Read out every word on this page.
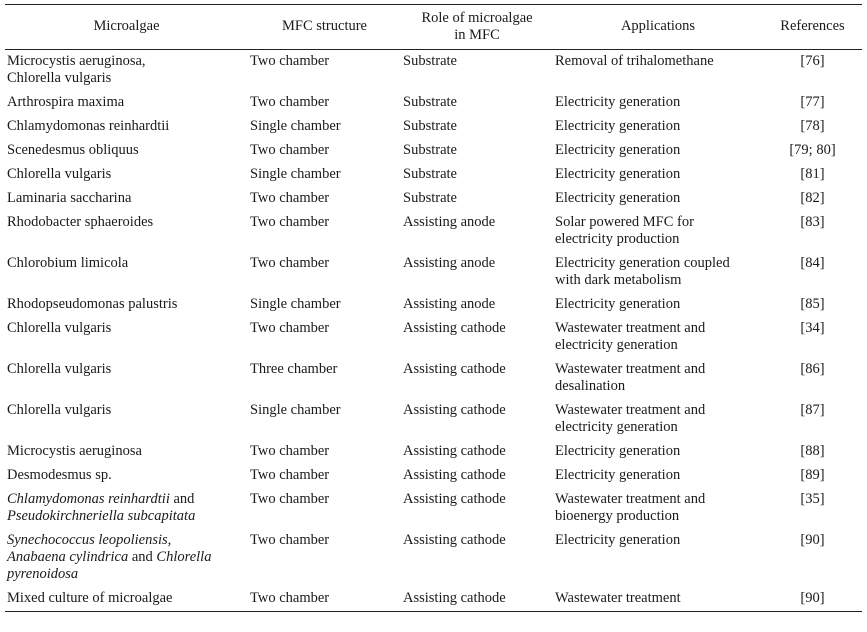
Microalgae	MFC structure	Role of microalgae
in MFC	Applications	References

Microcystis aeruginosa,
Chlorella vulgaris	Two chamber	Substrate	Removal of trihalomethane	[76]

Arthrospira maxima	Two chamber	Substrate	Electricity generation	[77]

Chlamydomonas reinhardtii	Single chamber	Substrate	Electricity generation	[78]

Scenedesmus obliquus	Two chamber	Substrate	Electricity generation	[79; 80]

Chlorella vulgaris	Single chamber	Substrate	Electricity generation	[81]

Laminaria saccharina	Two chamber	Substrate	Electricity generation	[82]

Rhodobacter sphaeroides	Two chamber	Assisting anode	Solar powered MFC for
electricity production	[83]

Chlorobium limicola	Two chamber	Assisting anode	Electricity generation coupled
with dark metabolism	[84]

Rhodopseudomonas palustris	Single chamber	Assisting anode	Electricity generation	[85]

Chlorella vulgaris	Two chamber	Assisting cathode	Wastewater treatment and
electricity generation	[34]

Chlorella vulgaris	Three chamber	Assisting cathode	Wastewater treatment and
desalination	[86]

Chlorella vulgaris	Single chamber	Assisting cathode	Wastewater treatment and
electricity generation	[87]

Microcystis aeruginosa	Two chamber	Assisting cathode	Electricity generation	[88]

Desmodesmus sp.	Two chamber	Assisting cathode	Electricity generation	[89]

Chlamydomonas reinhardtii and
Pseudokirchneriella subcapitata	Two chamber	Assisting cathode	Wastewater treatment and
bioenergy production	[35]

Synechococcus leopoliensis,
Anabaena cylindrica and Chlorella
pyrenoidosa	Two chamber	Assisting cathode	Electricity generation	[90]

Mixed culture of microalgae	Two chamber	Assisting cathode	Wastewater treatment	[90]
